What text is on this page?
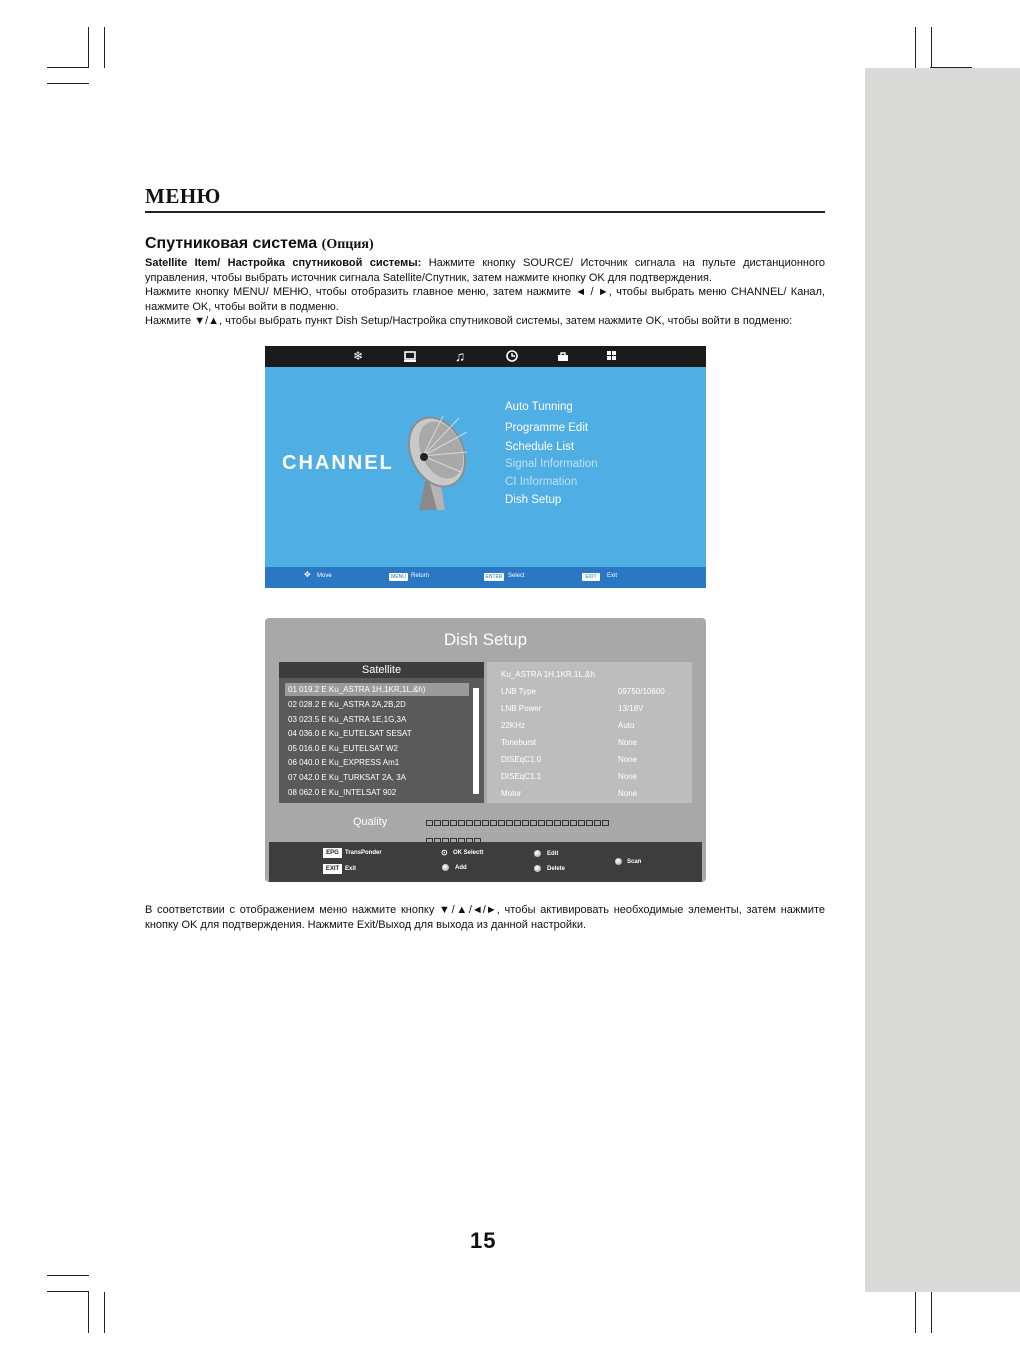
МЕНЮ
Спутниковая система (Опция)
Satellite Item/ Настройка спутниковой системы: Нажмите кнопку SOURCE/ Источник сигнала на пульте дистанционного управления, чтобы выбрать источник сигнала Satellite/Спутник, затем нажмите кнопку OK для подтверждения.
Нажмите кнопку MENU/ МЕНЮ, чтобы отобразить главное меню, затем нажмите ◄ / ►, чтобы выбрать меню CHANNEL/ Канал, нажмите OK, чтобы войти в подменю.
Нажмите ▼/▲, чтобы выбрать пункт Dish Setup/Настройка спутниковой системы, затем нажмите OK, чтобы войти в подменю:
❄	♫
CHANNEL
Auto Tunning
Programme Edit
Schedule List
Signal Information
CI Information
Dish Setup
✥ Move	MENU Return	ENTER Select	EXIT	Exit
Dish Setup
Satellite
01 019.2 E Ku_ASTRA 1H,1KR,1L,&h)
02 028.2 E Ku_ASTRA 2A,2B,2D
03 023.5 E Ku_ASTRA 1E,1G,3A
04 036.0 E Ku_EUTELSAT SESAT
05 016.0 E Ku_EUTELSAT W2
06 040.0 E Ku_EXPRESS Am1
07 042.0 E Ku_TURKSAT 2A, 3A
08 062.0 E Ku_INTELSAT 902
Ku_ASTRA 1H,1KR,1L,&h
LNB Type	09750/10600
LNB Power	13/18V
22KHz	Auto
Toneburst	None
DISEqC1.0	None
DISEqC1.1	None
Motor	None
Quality
EPG	TransPonder
EXIT Exit
⊙ OK Selectt
Add
Edit
Delete
Scan
В соответствии с отображением меню нажмите кнопку ▼/▲/◄/►, чтобы активировать необходимые элементы, затем нажмите кнопку OK для подтверждения. Нажмите Exit/Выход для выхода из данной настройки.
15
